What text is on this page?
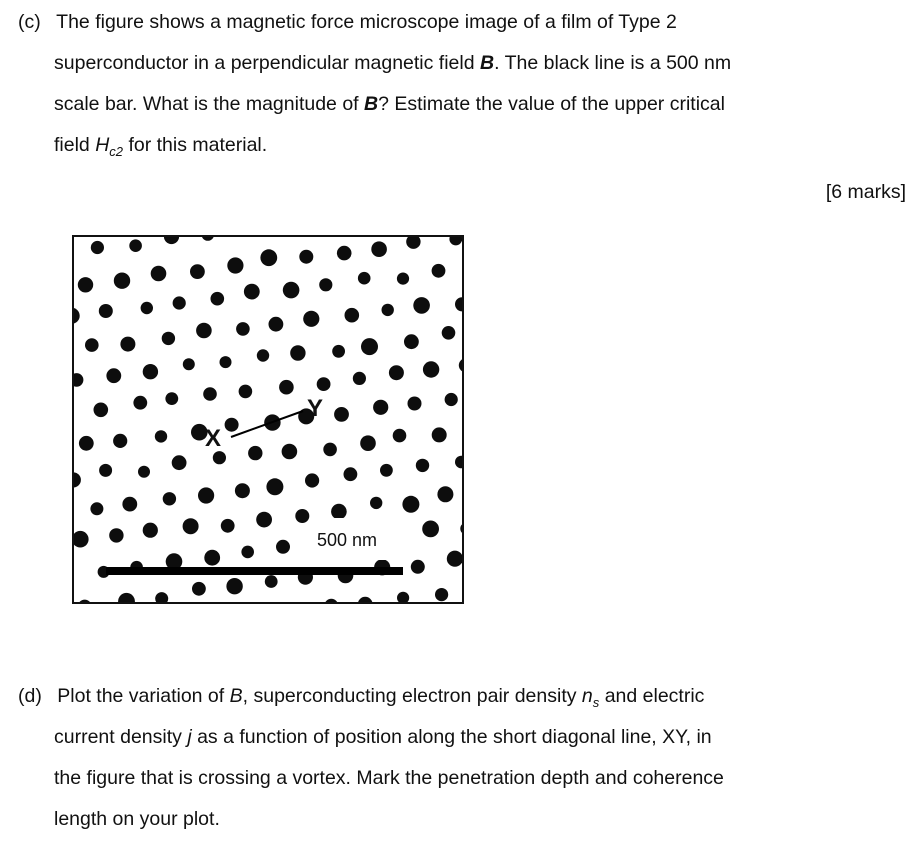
(c) The figure shows a magnetic force microscope image of a film of Type 2
superconductor in a perpendicular magnetic field B. The black line is a 500 nm
scale bar. What is the magnitude of B? Estimate the value of the upper critical
field $H_{c2}$ for this material.
[6 marks]
X
Y
500 nm
(d) Plot the variation of B, superconducting electron pair density $n_s$ and electric
current density j as a function of position along the short diagonal line, XY, in
the figure that is crossing a vortex. Mark the penetration depth and coherence
length on your plot.
